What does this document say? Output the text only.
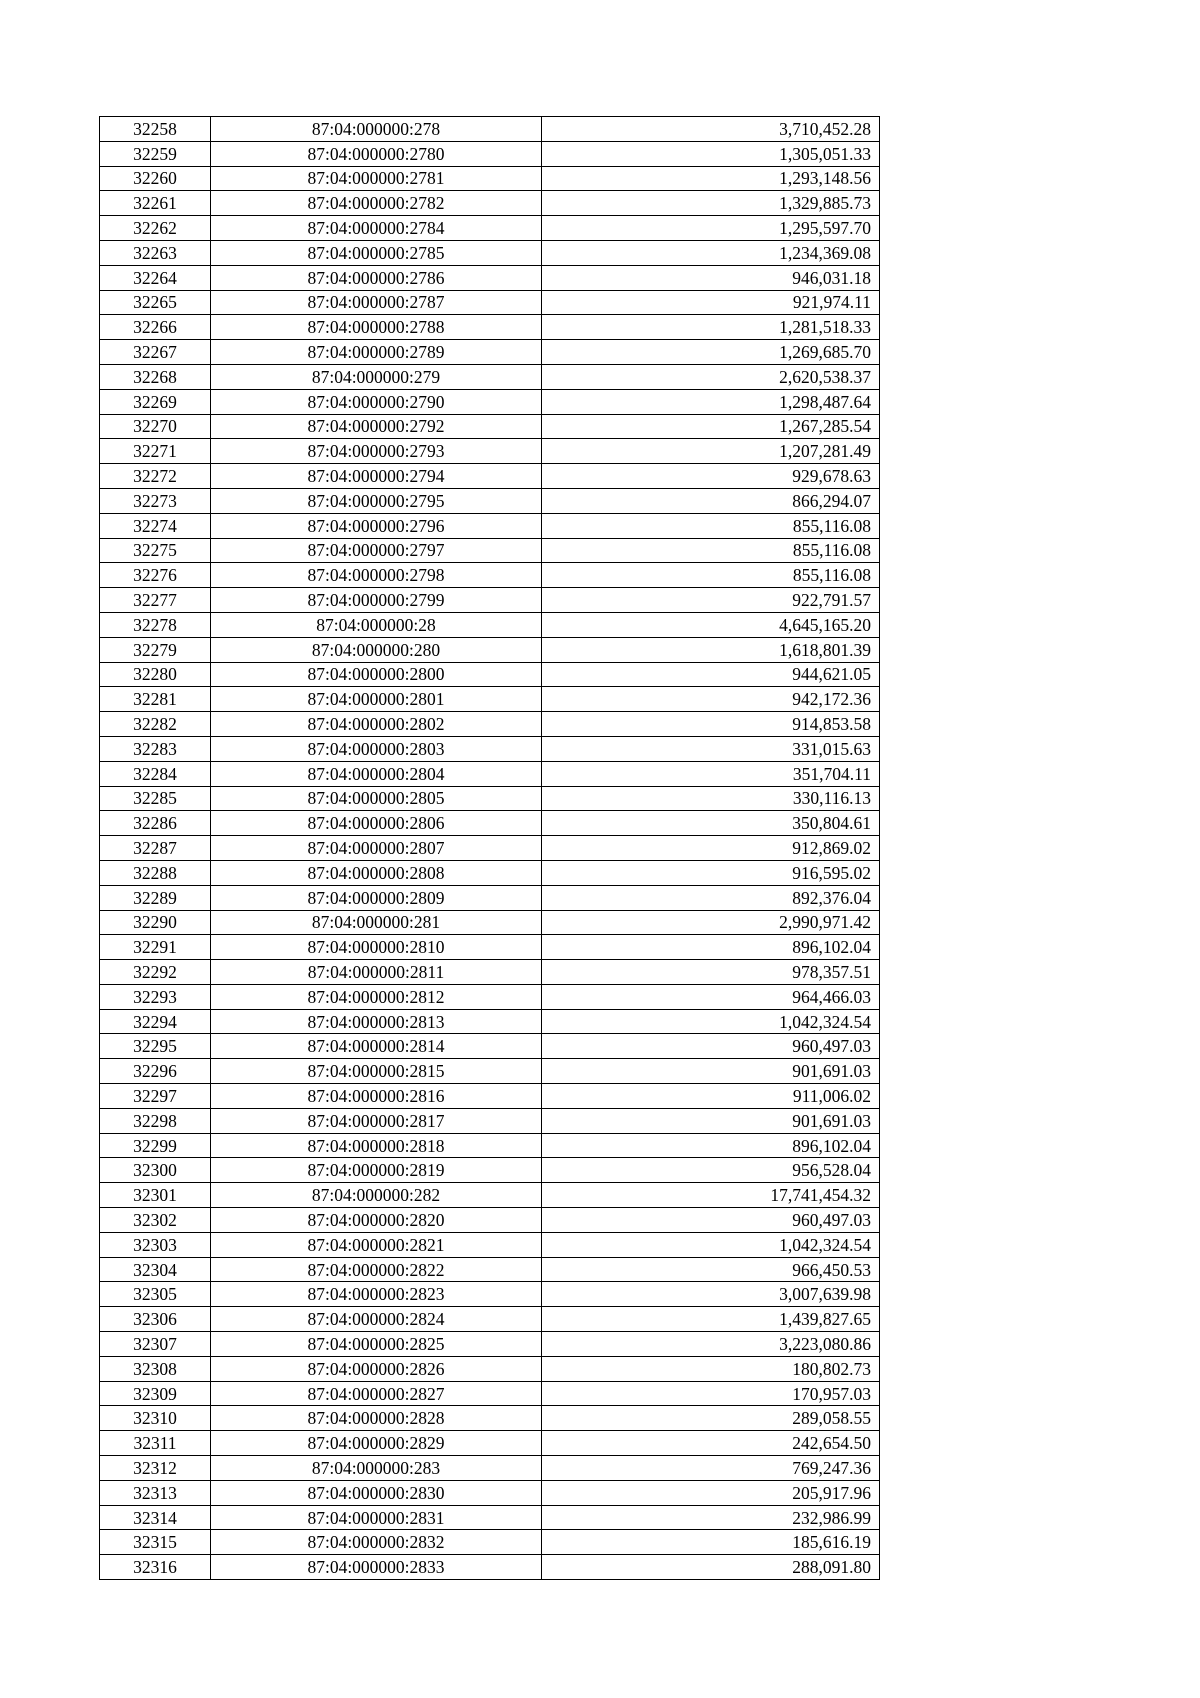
32258	87:04:000000:278	3,710,452.28
32259	87:04:000000:2780	1,305,051.33
32260	87:04:000000:2781	1,293,148.56
32261	87:04:000000:2782	1,329,885.73
32262	87:04:000000:2784	1,295,597.70
32263	87:04:000000:2785	1,234,369.08
32264	87:04:000000:2786	946,031.18
32265	87:04:000000:2787	921,974.11
32266	87:04:000000:2788	1,281,518.33
32267	87:04:000000:2789	1,269,685.70
32268	87:04:000000:279	2,620,538.37
32269	87:04:000000:2790	1,298,487.64
32270	87:04:000000:2792	1,267,285.54
32271	87:04:000000:2793	1,207,281.49
32272	87:04:000000:2794	929,678.63
32273	87:04:000000:2795	866,294.07
32274	87:04:000000:2796	855,116.08
32275	87:04:000000:2797	855,116.08
32276	87:04:000000:2798	855,116.08
32277	87:04:000000:2799	922,791.57
32278	87:04:000000:28	4,645,165.20
32279	87:04:000000:280	1,618,801.39
32280	87:04:000000:2800	944,621.05
32281	87:04:000000:2801	942,172.36
32282	87:04:000000:2802	914,853.58
32283	87:04:000000:2803	331,015.63
32284	87:04:000000:2804	351,704.11
32285	87:04:000000:2805	330,116.13
32286	87:04:000000:2806	350,804.61
32287	87:04:000000:2807	912,869.02
32288	87:04:000000:2808	916,595.02
32289	87:04:000000:2809	892,376.04
32290	87:04:000000:281	2,990,971.42
32291	87:04:000000:2810	896,102.04
32292	87:04:000000:2811	978,357.51
32293	87:04:000000:2812	964,466.03
32294	87:04:000000:2813	1,042,324.54
32295	87:04:000000:2814	960,497.03
32296	87:04:000000:2815	901,691.03
32297	87:04:000000:2816	911,006.02
32298	87:04:000000:2817	901,691.03
32299	87:04:000000:2818	896,102.04
32300	87:04:000000:2819	956,528.04
32301	87:04:000000:282	17,741,454.32
32302	87:04:000000:2820	960,497.03
32303	87:04:000000:2821	1,042,324.54
32304	87:04:000000:2822	966,450.53
32305	87:04:000000:2823	3,007,639.98
32306	87:04:000000:2824	1,439,827.65
32307	87:04:000000:2825	3,223,080.86
32308	87:04:000000:2826	180,802.73
32309	87:04:000000:2827	170,957.03
32310	87:04:000000:2828	289,058.55
32311	87:04:000000:2829	242,654.50
32312	87:04:000000:283	769,247.36
32313	87:04:000000:2830	205,917.96
32314	87:04:000000:2831	232,986.99
32315	87:04:000000:2832	185,616.19
32316	87:04:000000:2833	288,091.80
